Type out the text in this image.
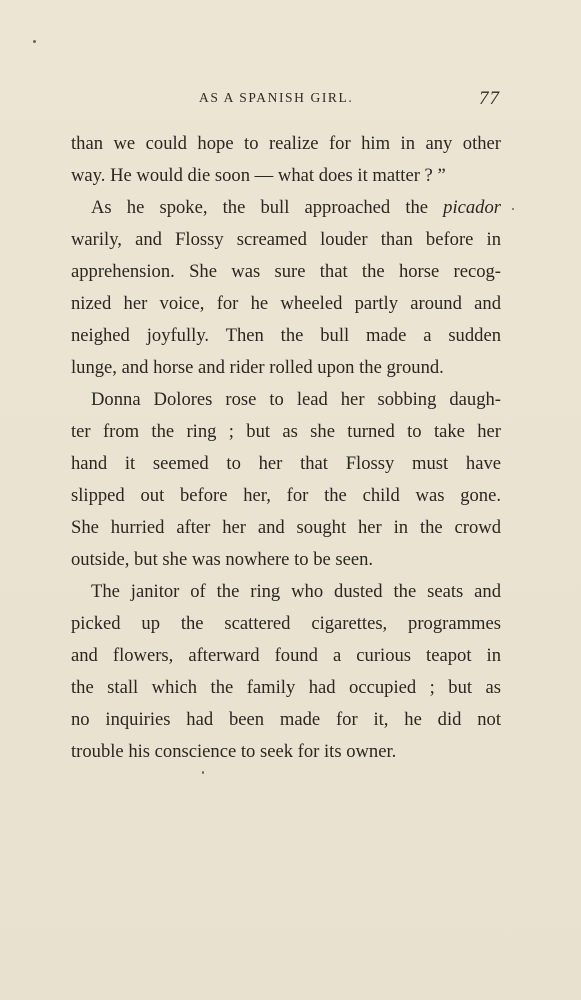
AS A SPANISH GIRL.	77
than we could hope to realize for him in any other
way. He would die soon — what does it matter ? ”
As he spoke, the bull approached the picador
warily, and Flossy screamed louder than before in
apprehension. She was sure that the horse recog-
nized her voice, for he wheeled partly around and
neighed joyfully. Then the bull made a sudden
lunge, and horse and rider rolled upon the ground.
Donna Dolores rose to lead her sobbing daugh-
ter from the ring ; but as she turned to take her
hand it seemed to her that Flossy must have
slipped out before her, for the child was gone.
She hurried after her and sought her in the crowd
outside, but she was nowhere to be seen.
The janitor of the ring who dusted the seats and
picked up the scattered cigarettes, programmes
and flowers, afterward found a curious teapot in
the stall which the family had occupied ; but as
no inquiries had been made for it, he did not
trouble his conscience to seek for its owner.
